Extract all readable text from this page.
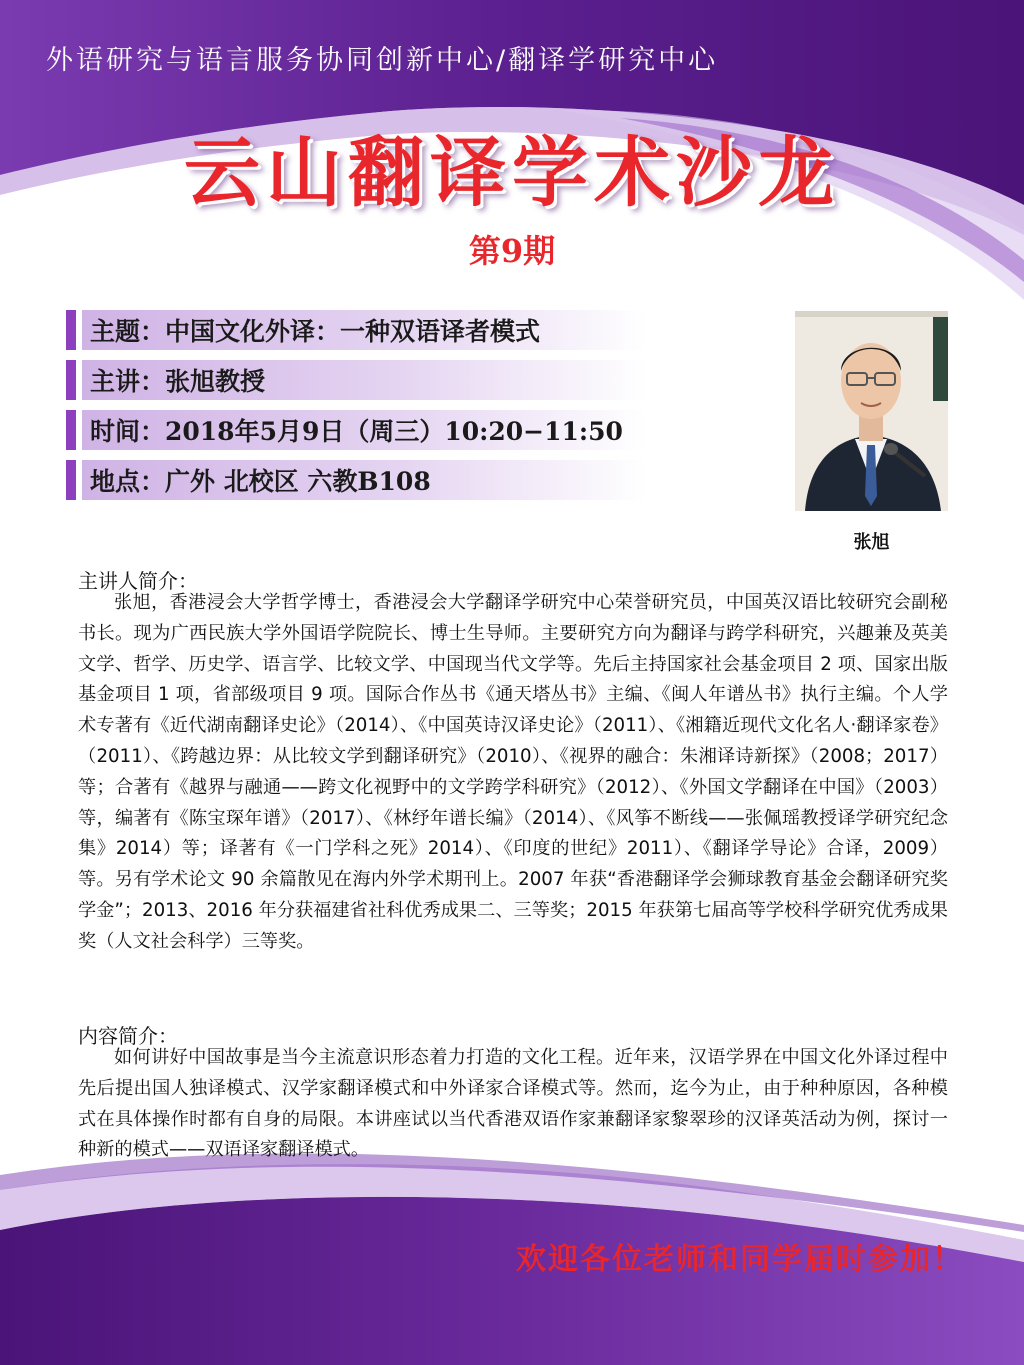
外语研究与语言服务协同创新中心/翻译学研究中心
云山翻译学术沙龙
第9期
主题：中国文化外译：一种双语译者模式
主讲：张旭教授
时间：2018年5月9日（周三）10:20−11:50
地点：广外 北校区 六教B108
张旭
主讲人简介：
张旭，香港浸会大学哲学博士，香港浸会大学翻译学研究中心荣誉研究员，中国英汉语比较研究会副秘书长。现为广西民族大学外国语学院院长、博士生导师。主要研究方向为翻译与跨学科研究，兴趣兼及英美文学、哲学、历史学、语言学、比较文学、中国现当代文学等。先后主持国家社会基金项目 2 项、国家出版基金项目 1 项，省部级项目 9 项。国际合作丛书《通天塔丛书》主编、《闽人年谱丛书》执行主编。个人学术专著有《近代湖南翻译史论》（2014）、《中国英诗汉译史论》（2011）、《湘籍近现代文化名人·翻译家卷》（2011）、《跨越边界：从比较文学到翻译研究》（2010）、《视界的融合：朱湘译诗新探》（2008；2017）等；合著有《越界与融通——跨文化视野中的文学跨学科研究》（2012）、《外国文学翻译在中国》（2003）等，编著有《陈宝琛年谱》（2017）、《林纾年谱长编》（2014）、《风筝不断线——张佩瑶教授译学研究纪念集》2014）等；译著有《一门学科之死》2014）、《印度的世纪》2011）、《翻译学导论》合译，2009）等。另有学术论文 90 余篇散见在海内外学术期刊上。2007 年获“香港翻译学会狮球教育基金会翻译研究奖学金”；2013、2016 年分获福建省社科优秀成果二、三等奖；2015 年获第七届高等学校科学研究优秀成果奖（人文社会科学）三等奖。
内容简介：
如何讲好中国故事是当今主流意识形态着力打造的文化工程。近年来，汉语学界在中国文化外译过程中先后提出国人独译模式、汉学家翻译模式和中外译家合译模式等。然而，迄今为止，由于种种原因，各种模式在具体操作时都有自身的局限。本讲座试以当代香港双语作家兼翻译家黎翠珍的汉译英活动为例，探讨一种新的模式——双语译家翻译模式。
欢迎各位老师和同学届时参加！
